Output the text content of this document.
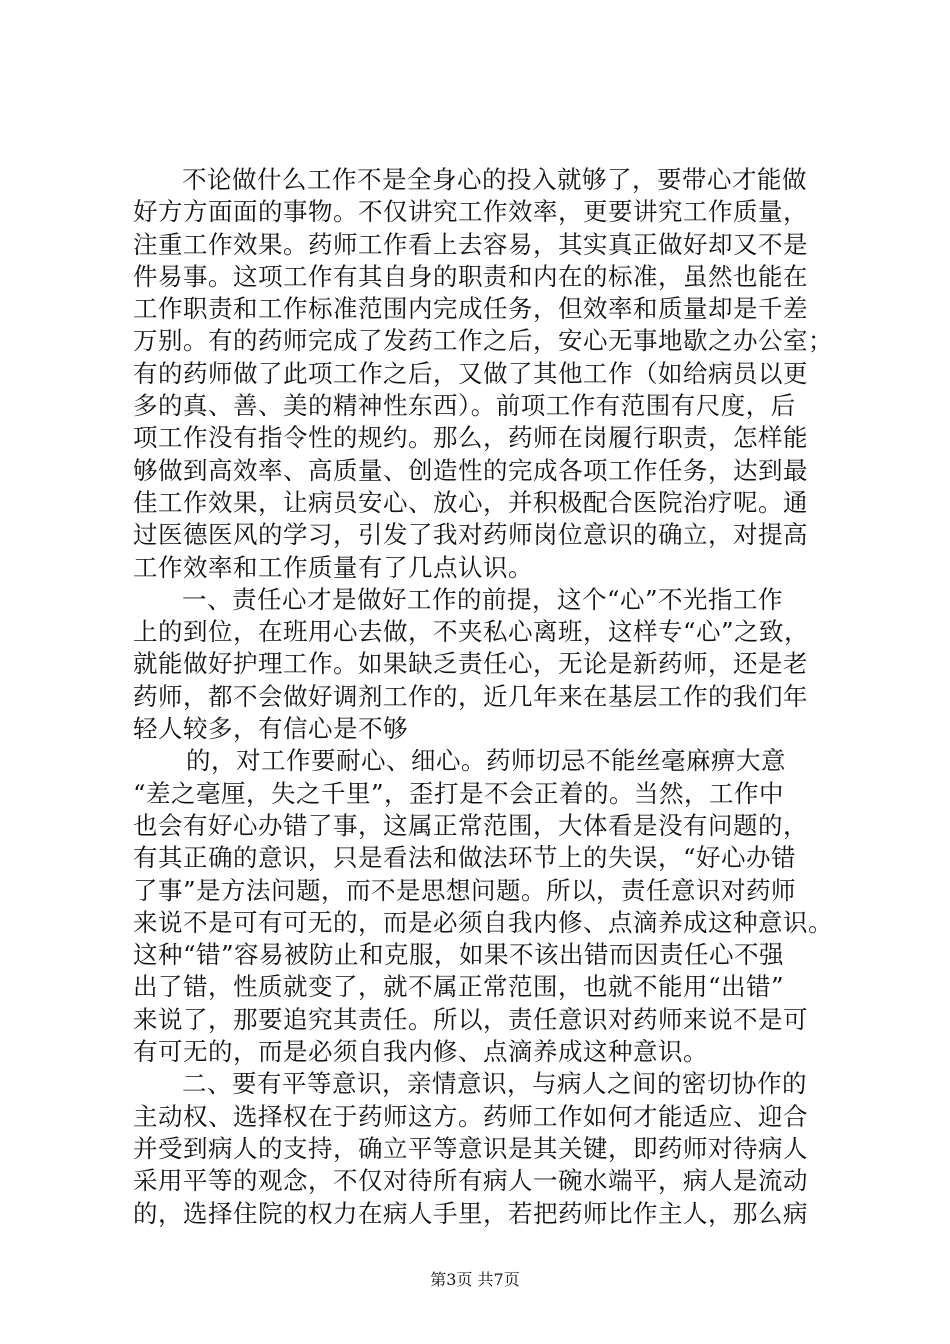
不论做什么工作不是全身心的投入就够了，要带心才能做
好方方面面的事物。不仅讲究工作效率，更要讲究工作质量，
注重工作效果。药师工作看上去容易，其实真正做好却又不是
件易事。这项工作有其自身的职责和内在的标准，虽然也能在
工作职责和工作标准范围内完成任务，但效率和质量却是千差
万别。有的药师完成了发药工作之后，安心无事地歇之办公室；
有的药师做了此项工作之后，又做了其他工作（如给病员以更
多的真、善、美的精神性东西）。前项工作有范围有尺度，后
项工作没有指令性的规约。那么，药师在岗履行职责，怎样能
够做到高效率、高质量、创造性的完成各项工作任务，达到最
佳工作效果，让病员安心、放心，并积极配合医院治疗呢。通
过医德医风的学习，引发了我对药师岗位意识的确立，对提高
工作效率和工作质量有了几点认识。
一、责任心才是做好工作的前提，这个“心”不光指工作
上的到位，在班用心去做，不夹私心离班，这样专“心”之致，
就能做好护理工作。如果缺乏责任心，无论是新药师，还是老
药师，都不会做好调剂工作的，近几年来在基层工作的我们年
轻人较多，有信心是不够
的，对工作要耐心、细心。药师切忌不能丝毫麻痹大意
“差之毫厘，失之千里”，歪打是不会正着的。当然，工作中
也会有好心办错了事，这属正常范围，大体看是没有问题的，
有其正确的意识，只是看法和做法环节上的失误，“好心办错
了事”是方法问题，而不是思想问题。所以，责任意识对药师
来说不是可有可无的，而是必须自我内修、点滴养成这种意识。
这种“错”容易被防止和克服，如果不该出错而因责任心不强
出了错，性质就变了，就不属正常范围，也就不能用“出错”
来说了，那要追究其责任。所以，责任意识对药师来说不是可
有可无的，而是必须自我内修、点滴养成这种意识。
二、要有平等意识，亲情意识，与病人之间的密切协作的
主动权、选择权在于药师这方。药师工作如何才能适应、迎合
并受到病人的支持，确立平等意识是其关键，即药师对待病人
采用平等的观念，不仅对待所有病人一碗水端平，病人是流动
的，选择住院的权力在病人手里，若把药师比作主人，那么病
第3页 共7页
